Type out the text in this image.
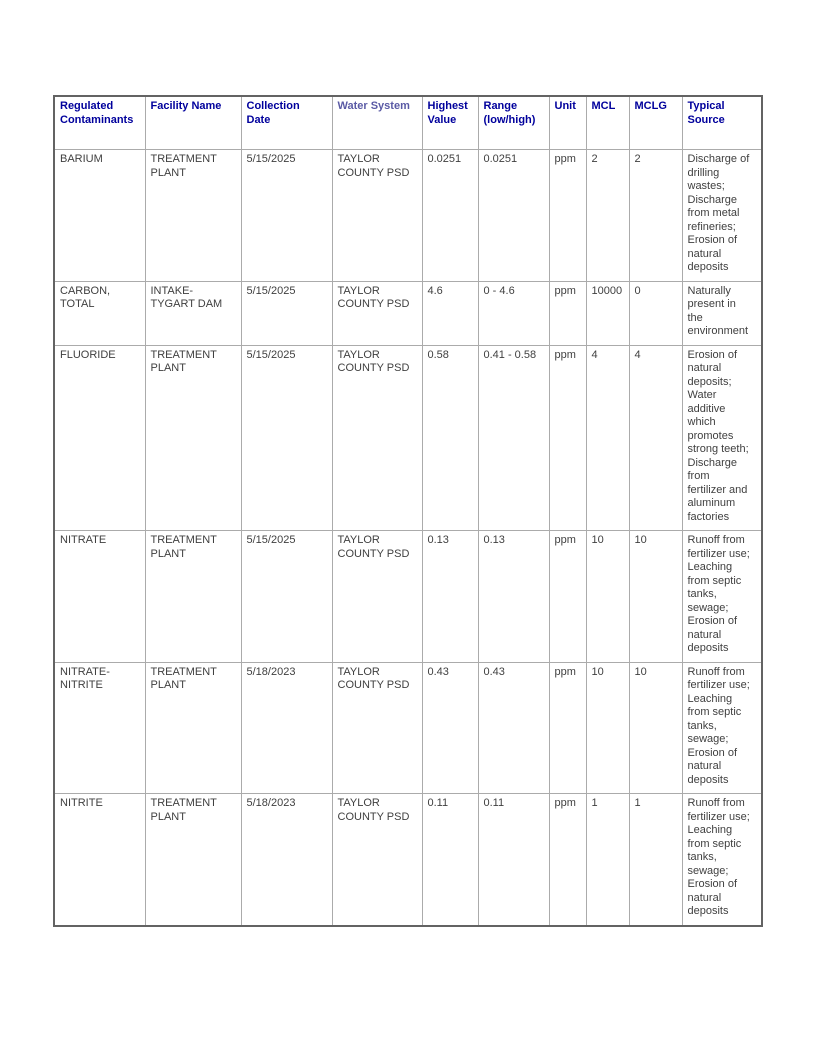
Regulated Contaminants	Facility Name	Collection Date	Water System	Highest Value	Range (low/high)	Unit	MCL	MCLG	Typical Source
BARIUM	TREATMENT PLANT	5/15/2025	TAYLOR COUNTY PSD	0.0251	0.0251	ppm	2	2	Discharge of drilling wastes; Discharge from metal refineries; Erosion of natural deposits
CARBON, TOTAL	INTAKE-TYGART DAM	5/15/2025	TAYLOR COUNTY PSD	4.6	0 - 4.6	ppm	10000	0	Naturally present in the environment
FLUORIDE	TREATMENT PLANT	5/15/2025	TAYLOR COUNTY PSD	0.58	0.41 - 0.58	ppm	4	4	Erosion of natural deposits; Water additive which promotes strong teeth; Discharge from fertilizer and aluminum factories
NITRATE	TREATMENT PLANT	5/15/2025	TAYLOR COUNTY PSD	0.13	0.13	ppm	10	10	Runoff from fertilizer use; Leaching from septic tanks, sewage; Erosion of natural deposits
NITRATE-NITRITE	TREATMENT PLANT	5/18/2023	TAYLOR COUNTY PSD	0.43	0.43	ppm	10	10	Runoff from fertilizer use; Leaching from septic tanks, sewage; Erosion of natural deposits
NITRITE	TREATMENT PLANT	5/18/2023	TAYLOR COUNTY PSD	0.11	0.11	ppm	1	1	Runoff from fertilizer use; Leaching from septic tanks, sewage; Erosion of natural deposits
